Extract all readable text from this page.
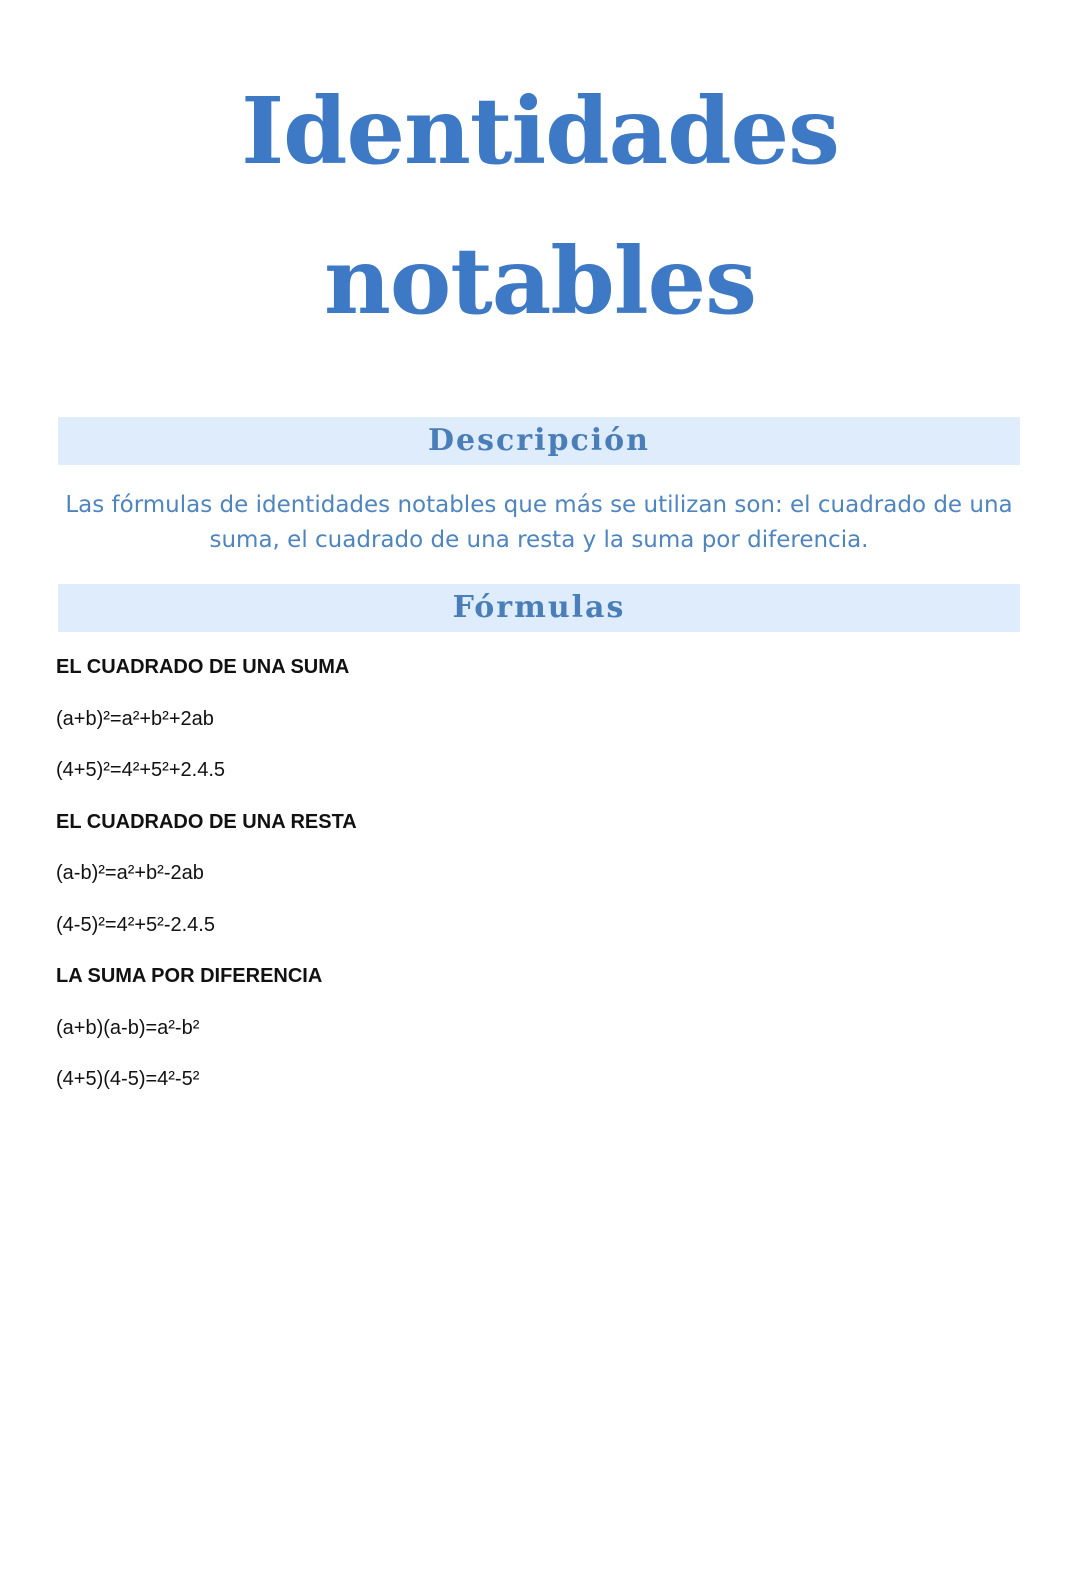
Identidades
notables
Descripción

Las fórmulas de identidades notables que más se utilizan son: el cuadrado de una suma, el cuadrado de una resta y la suma por diferencia.

Fórmulas
EL CUADRADO DE UNA SUMA
(a+b)²=a²+b²+2ab
(4+5)²=4²+5²+2.4.5
EL CUADRADO DE UNA RESTA
(a-b)²=a²+b²-2ab
(4-5)²=4²+5²-2.4.5
LA SUMA POR DIFERENCIA
(a+b)(a-b)=a²-b²
(4+5)(4-5)=4²-5²
